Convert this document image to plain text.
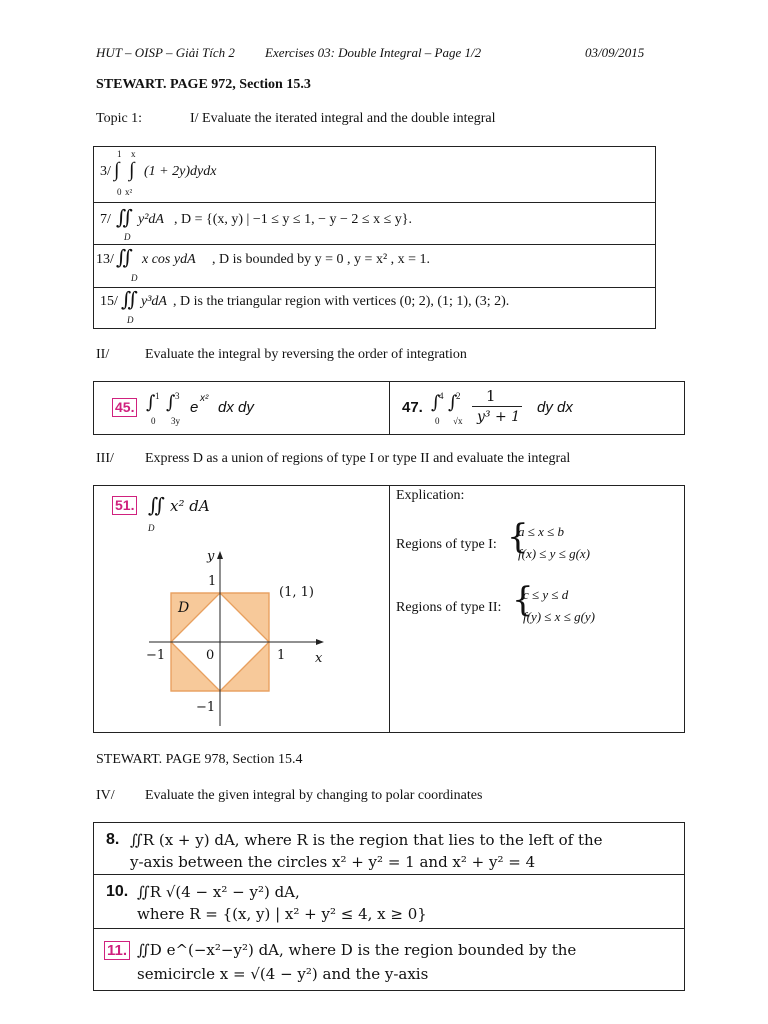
HUT – OISP – Giải Tích 2 Exercises 03: Double Integral – Page 1/2	03/09/2015
STEWART. PAGE 972, Section 15.3
Topic 1:	I/ Evaluate the iterated integral and the double integral
3/
1
∫
0
x
∫
x²
(1 + 2y)dydx
7/ ∬
D
y²dA , D = {(x, y) | −1 ≤ y ≤ 1, − y − 2 ≤ x ≤ y}.
13/ ∬
D
x cos ydA , D is bounded by y = 0 , y = x² , x = 1.
15/ ∬
D
y³dA , D is the triangular region with vertices (0; 2), (1; 1), (3; 2).
II/	Evaluate the integral by reversing the order of integration
45. ∫ 1
0
∫ 3
3y
e
x²
dx dy	47. ∫
4
0
∫
2
√x
1
y³ + 1
dy dx
III/ Express D as a union of regions of type I or type II and evaluate the integral
51. ∬
D
x² dA
y
x
D
(1, 1)
1
−1
−1	1
0
Explication:
Regions of type I: {
a ≤ x ≤ b
f(x) ≤ y ≤ g(x)
Regions of type II: {
c ≤ y ≤ d
f(y) ≤ x ≤ g(y)
STEWART. PAGE 978, Section 15.4
IV/ Evaluate the given integral by changing to polar coordinates
8. ∬R (x + y) dA, where R is the region that lies to the left of the
y-axis between the circles x² + y² = 1 and x² + y² = 4
10. ∬R √(4 − x² − y²) dA,
where R = {(x, y) | x² + y² ≤ 4, x ≥ 0}
11. ∬D e^(−x²−y²) dA, where D is the region bounded by the
semicircle x = √(4 − y²) and the y-axis
